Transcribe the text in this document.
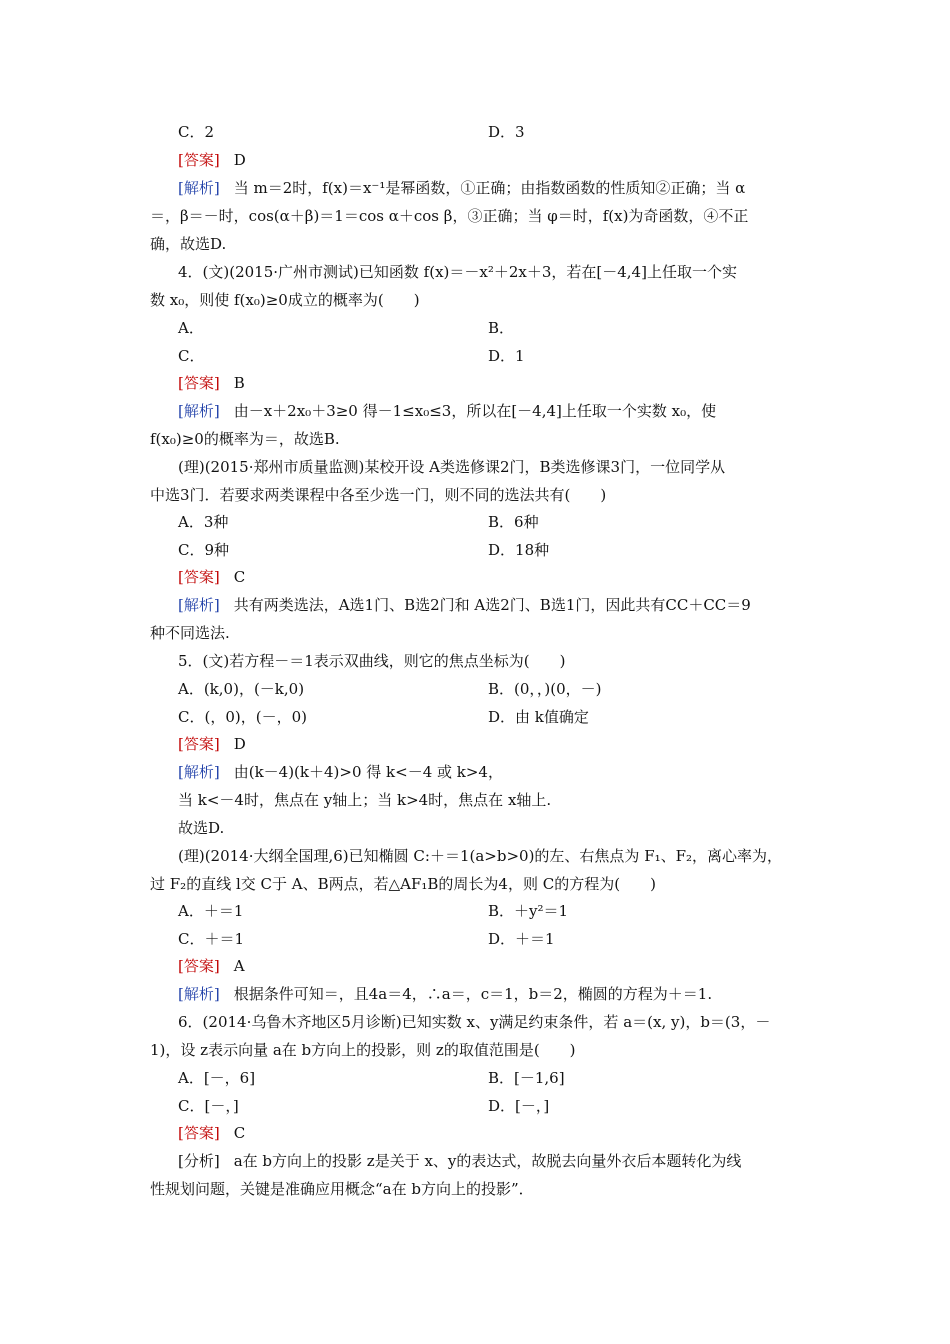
C．2	D．3
[答案] D
[解析] 当 m＝2时，f(x)＝x⁻¹是幂函数，①正确；由指数函数的性质知②正确；当 α
＝，β＝－时，cos(α＋β)＝1＝cos α＋cos β，③正确；当 φ＝时，f(x)为奇函数，④不正
确，故选D.
4．(文)(2015·广州市测试)已知函数 f(x)＝－x²＋2x＋3，若在[－4,4]上任取一个实
数 x₀，则使 f(x₀)≥0成立的概率为(　　)
A．	B．
C．	D．1
[答案] B
[解析] 由－x＋2x₀＋3≥0 得－1≤x₀≤3，所以在[－4,4]上任取一个实数 x₀，使
f(x₀)≥0的概率为＝，故选B.
(理)(2015·郑州市质量监测)某校开设 A类选修课2门，B类选修课3门，一位同学从
中选3门．若要求两类课程中各至少选一门，则不同的选法共有(　　)
A．3种	B．6种
C．9种	D．18种
[答案] C
[解析] 共有两类选法，A选1门、B选2门和 A选2门、B选1门，因此共有CC＋CC＝9
种不同选法.
5．(文)若方程－＝1表示双曲线，则它的焦点坐标为(　　)
A．(k,0)，(－k,0)	B．(0，，)(0，－)
C．(，0)，(－，0)	D．由 k值确定
[答案] D
[解析] 由(k－4)(k＋4)>0 得 k<－4 或 k>4，
当 k<－4时，焦点在 y轴上；当 k>4时，焦点在 x轴上.
故选D.
(理)(2014·大纲全国理,6)已知椭圆 C:＋＝1(a>b>0)的左、右焦点为 F₁、F₂，离心率为，
过 F₂的直线 l交 C于 A、B两点，若△AF₁B的周长为4，则 C的方程为(　　)
A．＋＝1	B．＋y²＝1
C．＋＝1	D．＋＝1
[答案] A
[解析] 根据条件可知＝，且4a＝4，∴a＝，c＝1，b＝2，椭圆的方程为＋＝1.
6．(2014·乌鲁木齐地区5月诊断)已知实数 x、y满足约束条件，若 a＝(x, y)，b＝(3，－
1)，设 z表示向量 a在 b方向上的投影，则 z的取值范围是(　　)
A．[－，6]	B．[－1,6]
C．[－，]	D．[－，]
[答案] C
[分析] a在 b方向上的投影 z是关于 x、y的表达式，故脱去向量外衣后本题转化为线
性规划问题，关键是准确应用概念“a在 b方向上的投影”．
